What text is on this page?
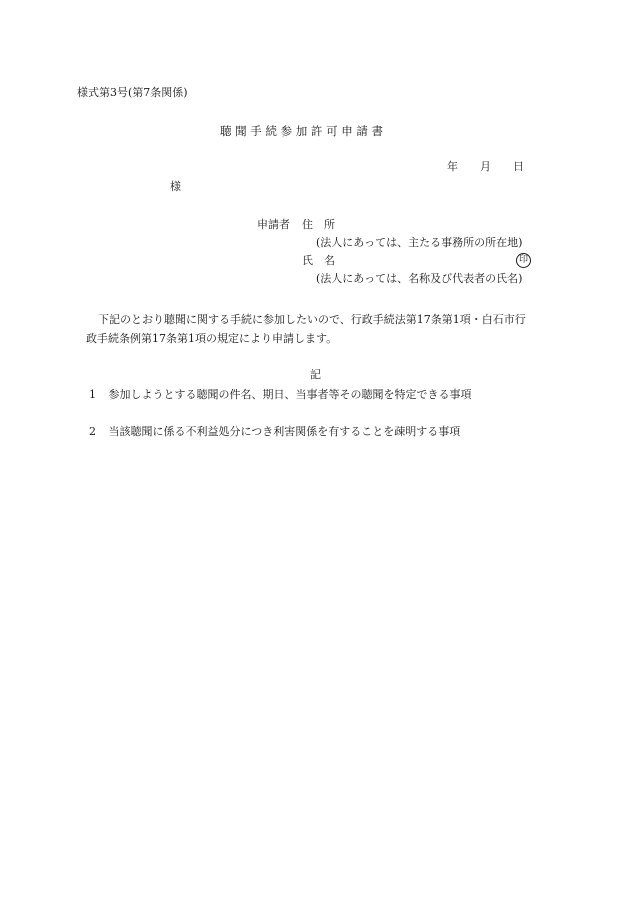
様式第3号(第7条関係)
聴 聞 手 続 参 加 許 可 申 請 書
年 月 日
様
申請者 住　所
(法人にあっては、主たる事務所の所在地)
氏　名	印
(法人にあっては、名称及び代表者の氏名)

下記のとおり聴聞に関する手続に参加したいので、行政手続法第17条第1項・白石市行

政手続条例第17条第1項の規定により申請します。

記
1 参加しようとする聴聞の件名、期日、当事者等その聴聞を特定できる事項
2 当該聴聞に係る不利益処分につき利害関係を有することを疎明する事項
